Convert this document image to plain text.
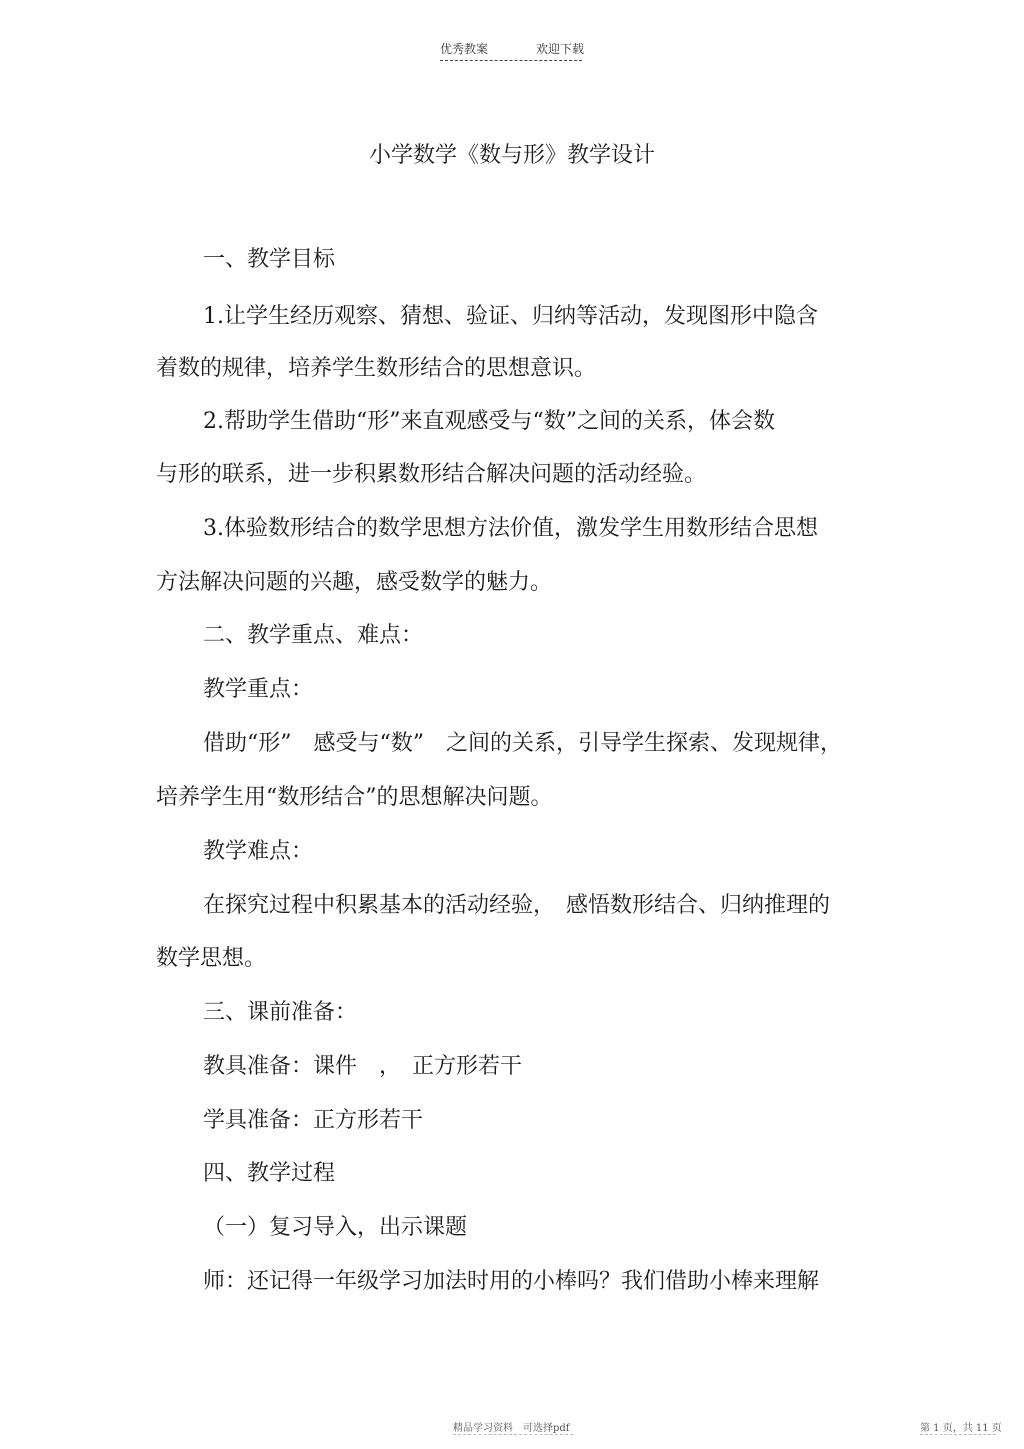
优秀教案	欢迎下载
小学数学《数与形》教学设计
一、教学目标
1.让学生经历观察、猜想、验证、归纳等活动，发现图形中隐含
着数的规律，培养学生数形结合的思想意识。
2.帮助学生借助“形”来直观感受与“数”之间的关系，体会数
与形的联系，进一步积累数形结合解决问题的活动经验。
3.体验数形结合的数学思想方法价值，激发学生用数形结合思想
方法解决问题的兴趣，感受数学的魅力。
二、教学重点、难点：
教学重点：
借助“形”　感受与“数”　之间的关系，引导学生探索、发现规律，
培养学生用“数形结合”的思想解决问题。
教学难点：
在探究过程中积累基本的活动经验，　感悟数形结合、归纳推理的
数学思想。
三、课前准备：
教具准备：课件　，　正方形若干
学具准备：正方形若干
四、教学过程
（一）复习导入，出示课题
师：还记得一年级学习加法时用的小棒吗？我们借助小棒来理解
精品学习资料　可选择pdf	第 1 页，共 11 页
